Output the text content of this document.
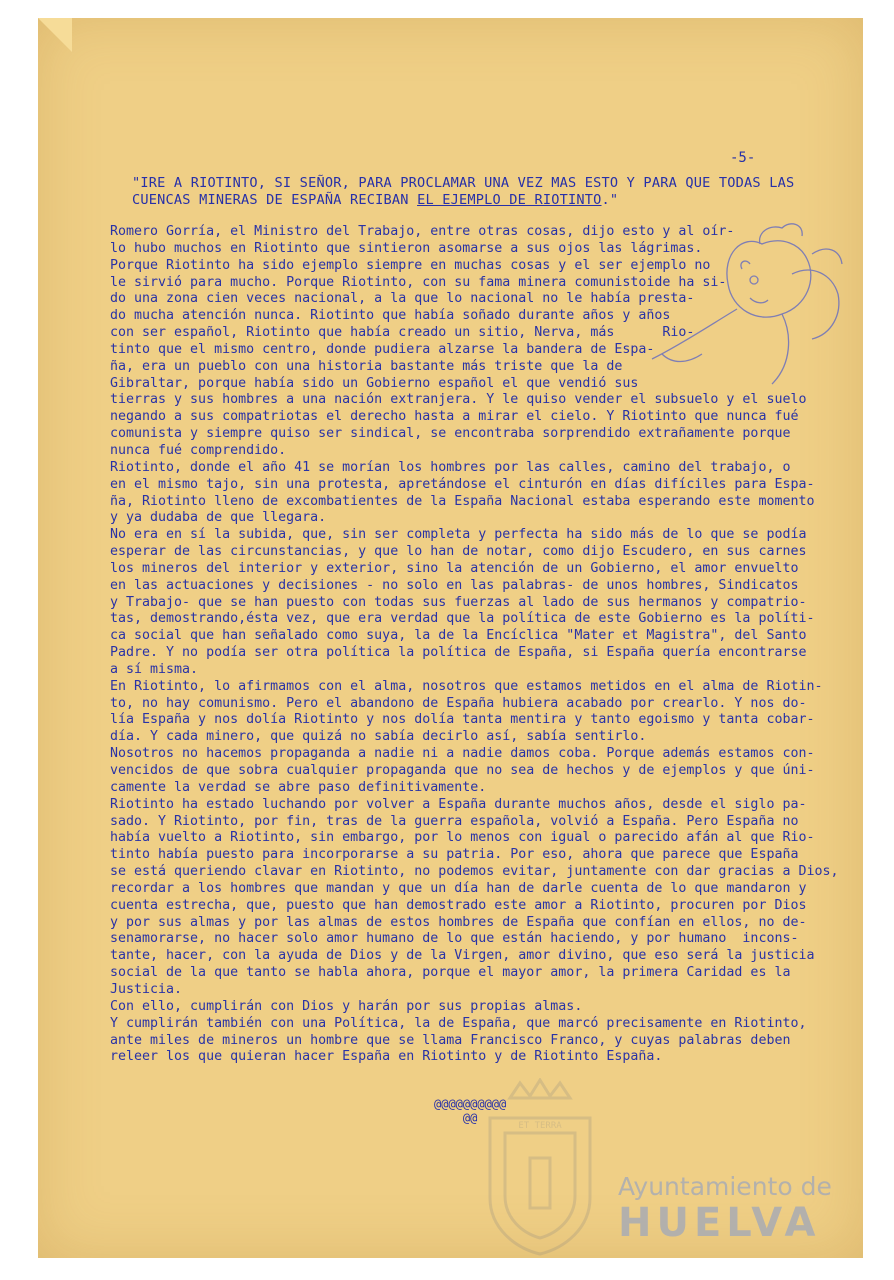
-5-
"IRE A RIOTINTO, SI SEÑOR, PARA PROCLAMAR UNA VEZ MAS ESTO Y PARA QUE TODAS LAS
CUENCAS MINERAS DE ESPAÑA RECIBAN EL EJEMPLO DE RIOTINTO."

Romero Gorría, el Ministro del Trabajo, entre otras cosas, dijo esto y al oír-

lo hubo muchos en Riotinto que sintieron asomarse a sus ojos las lágrimas.

Porque Riotinto ha sido ejemplo siempre en muchas cosas y el ser ejemplo no

le sirvió para mucho. Porque Riotinto, con su fama minera comunistoide ha si-

do una zona cien veces nacional, a la que lo nacional no le había presta-

do mucha atención nunca. Riotinto que había soñado durante años y años

con ser español, Riotinto que había creado un sitio, Nerva, más      Rio-

tinto que el mismo centro, donde pudiera alzarse la bandera de Espa-

ña, era un pueblo con una historia bastante más triste que la de

Gibraltar, porque había sido un Gobierno español el que vendió sus

tierras y sus hombres a una nación extranjera. Y le quiso vender el subsuelo y el suelo

negando a sus compatriotas el derecho hasta a mirar el cielo. Y Riotinto que nunca fué

comunista y siempre quiso ser sindical, se encontraba sorprendido extrañamente porque

nunca fué comprendido.

Riotinto, donde el año 41 se morían los hombres por las calles, camino del trabajo, o

en el mismo tajo, sin una protesta, apretándose el cinturón en días difíciles para Espa-

ña, Riotinto lleno de excombatientes de la España Nacional estaba esperando este momento

y ya dudaba de que llegara.

No era en sí la subida, que, sin ser completa y perfecta ha sido más de lo que se podía

esperar de las circunstancias, y que lo han de notar, como dijo Escudero, en sus carnes

los mineros del interior y exterior, sino la atención de un Gobierno, el amor envuelto

en las actuaciones y decisiones - no solo en las palabras- de unos hombres, Sindicatos

y Trabajo- que se han puesto con todas sus fuerzas al lado de sus hermanos y compatrio-

tas, demostrando,ésta vez, que era verdad que la política de este Gobierno es la políti-

ca social que han señalado como suya, la de la Encíclica "Mater et Magistra", del Santo

Padre. Y no podía ser otra política la política de España, si España quería encontrarse

a sí misma.

En Riotinto, lo afirmamos con el alma, nosotros que estamos metidos en el alma de Riotin-

to, no hay comunismo. Pero el abandono de España hubiera acabado por crearlo. Y nos do-

lía España y nos dolía Riotinto y nos dolía tanta mentira y tanto egoismo y tanta cobar-

día. Y cada minero, que quizá no sabía decirlo así, sabía sentirlo.

Nosotros no hacemos propaganda a nadie ni a nadie damos coba. Porque además estamos con-

vencidos de que sobra cualquier propaganda que no sea de hechos y de ejemplos y que úni-

camente la verdad se abre paso definitivamente.

Riotinto ha estado luchando por volver a España durante muchos años, desde el siglo pa-

sado. Y Riotinto, por fin, tras de la guerra española, volvió a España. Pero España no

había vuelto a Riotinto, sin embargo, por lo menos con igual o parecido afán al que Rio-

tinto había puesto para incorporarse a su patria. Por eso, ahora que parece que España

se está queriendo clavar en Riotinto, no podemos evitar, juntamente con dar gracias a Dios,

recordar a los hombres que mandan y que un día han de darle cuenta de lo que mandaron y

cuenta estrecha, que, puesto que han demostrado este amor a Riotinto, procuren por Dios

y por sus almas y por las almas de estos hombres de España que confían en ellos, no de-

senamorarse, no hacer solo amor humano de lo que están haciendo, y por humano  incons-

tante, hacer, con la ayuda de Dios y de la Virgen, amor divino, que eso será la justicia

social de la que tanto se habla ahora, porque el mayor amor, la primera Caridad es la

Justicia.

Con ello, cumplirán con Dios y harán por sus propias almas.

Y cumplirán también con una Política, la de España, que marcó precisamente en Riotinto,

ante miles de mineros un hombre que se llama Francisco Franco, y cuyas palabras deben

releer los que quieran hacer España en Riotinto y de Riotinto España.

@@@@@@@@@@
@@
ET TERRA
Ayuntamiento de
HUELVA
